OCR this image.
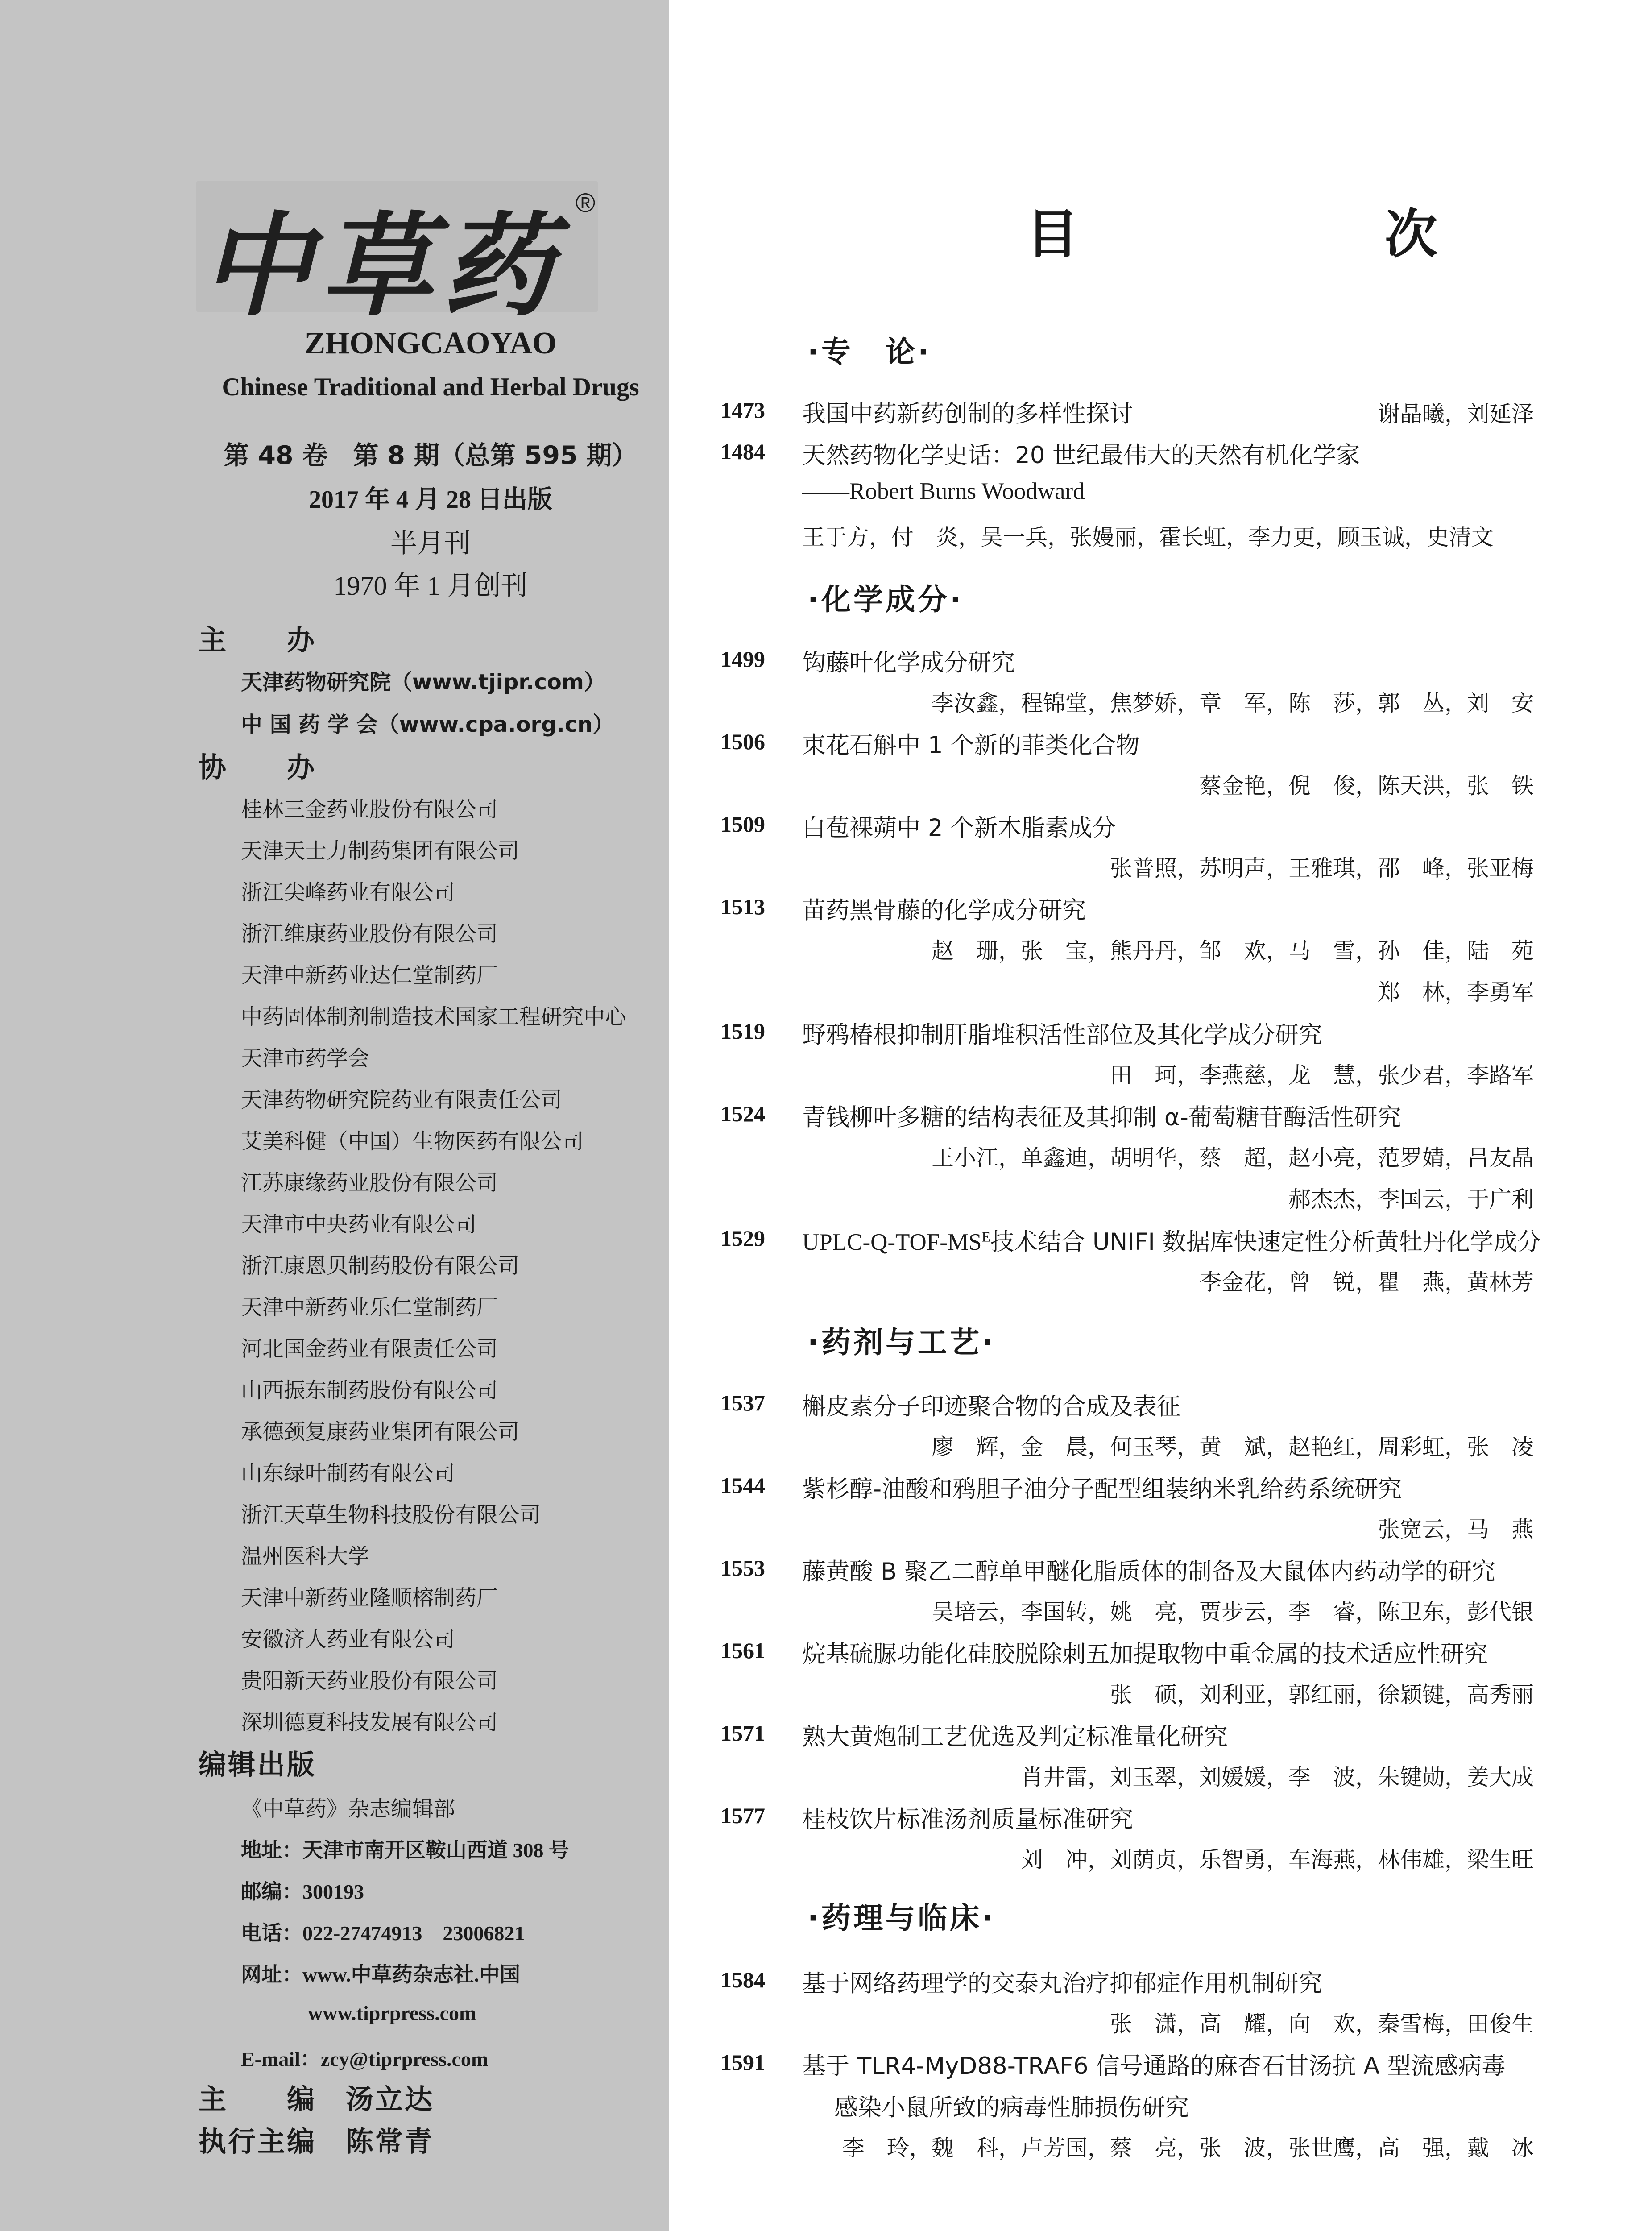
中草药 ®
ZHONGCAOYAO
Chinese Traditional and Herbal Drugs
第 48 卷　第 8 期（总第 595 期）
2017 年 4 月 28 日出版
半月刊
1970 年 1 月创刊
主　　办
天津药物研究院（www.tjipr.com）
中 国 药 学 会（www.cpa.org.cn）
协　　办
桂林三金药业股份有限公司
天津天士力制药集团有限公司
浙江尖峰药业有限公司
浙江维康药业股份有限公司
天津中新药业达仁堂制药厂
中药固体制剂制造技术国家工程研究中心
天津市药学会
天津药物研究院药业有限责任公司
艾美科健（中国）生物医药有限公司
江苏康缘药业股份有限公司
天津市中央药业有限公司
浙江康恩贝制药股份有限公司
天津中新药业乐仁堂制药厂
河北国金药业有限责任公司
山西振东制药股份有限公司
承德颈复康药业集团有限公司
山东绿叶制药有限公司
浙江天草生物科技股份有限公司
温州医科大学
天津中新药业隆顺榕制药厂
安徽济人药业有限公司
贵阳新天药业股份有限公司
深圳德夏科技发展有限公司
编辑出版
《中草药》杂志编辑部
地址：天津市南开区鞍山西道 308 号
邮编：300193
电话：022-27474913　23006821
网址：www.中草药杂志社.中国
www.tiprpress.com
E-mail：zcy@tiprpress.com
主　　编　汤立达
执行主编　陈常青
目　　次
·专　论·
1473 我国中药新药创制的多样性探讨	谢晶曦，刘延泽
1484 天然药物化学史话：20 世纪最伟大的天然有机化学家
——Robert Burns Woodward
王于方，付　炎，吴一兵，张嫚丽，霍长虹，李力更，顾玉诚，史清文
·化学成分·
1499 钩藤叶化学成分研究
李汝鑫，程锦堂，焦梦娇，章　军，陈　莎，郭　丛，刘　安
1506 束花石斛中 1 个新的菲类化合物
蔡金艳，倪　俊，陈天洪，张　铁
1509 白苞裸蒴中 2 个新木脂素成分
张普照，苏明声，王雅琪，邵　峰，张亚梅
1513 苗药黑骨藤的化学成分研究
赵　珊，张　宝，熊丹丹，邹　欢，马　雪，孙　佳，陆　苑
郑　林，李勇军
1519 野鸦椿根抑制肝脂堆积活性部位及其化学成分研究
田　珂，李燕慈，龙　慧，张少君，李路军
1524 青钱柳叶多糖的结构表征及其抑制 α-葡萄糖苷酶活性研究
王小江，单鑫迪，胡明华，蔡　超，赵小亮，范罗婧，吕友晶
郝杰杰，李国云，于广利
1529 UPLC-$Q-TOF-MS^E$技术结合 UNIFI 数据库快速定性分析黄牡丹化学成分
李金花，曾　锐，瞿　燕，黄林芳
·药剂与工艺·
1537 槲皮素分子印迹聚合物的合成及表征
廖　辉，金　晨，何玉琴，黄　斌，赵艳红，周彩虹，张　凌
1544 紫杉醇-油酸和鸦胆子油分子配型组装纳米乳给药系统研究
张宽云，马　燕
1553 藤黄酸 B 聚乙二醇单甲醚化脂质体的制备及大鼠体内药动学的研究
吴培云，李国转，姚　亮，贾步云，李　睿，陈卫东，彭代银
1561 烷基硫脲功能化硅胶脱除刺五加提取物中重金属的技术适应性研究
张　硕，刘利亚，郭红丽，徐颖键，高秀丽
1571 熟大黄炮制工艺优选及判定标准量化研究
肖井雷，刘玉翠，刘媛媛，李　波，朱键勋，姜大成
1577 桂枝饮片标准汤剂质量标准研究
刘　冲，刘荫贞，乐智勇，车海燕，林伟雄，梁生旺
·药理与临床·
1584 基于网络药理学的交泰丸治疗抑郁症作用机制研究
张　潇，高　耀，向　欢，秦雪梅，田俊生
1591 基于 TLR4-MyD88-TRAF6 信号通路的麻杏石甘汤抗 A 型流感病毒
感染小鼠所致的病毒性肺损伤研究
李　玲，魏　科，卢芳国，蔡　亮，张　波，张世鹰，高　强，戴　冰
